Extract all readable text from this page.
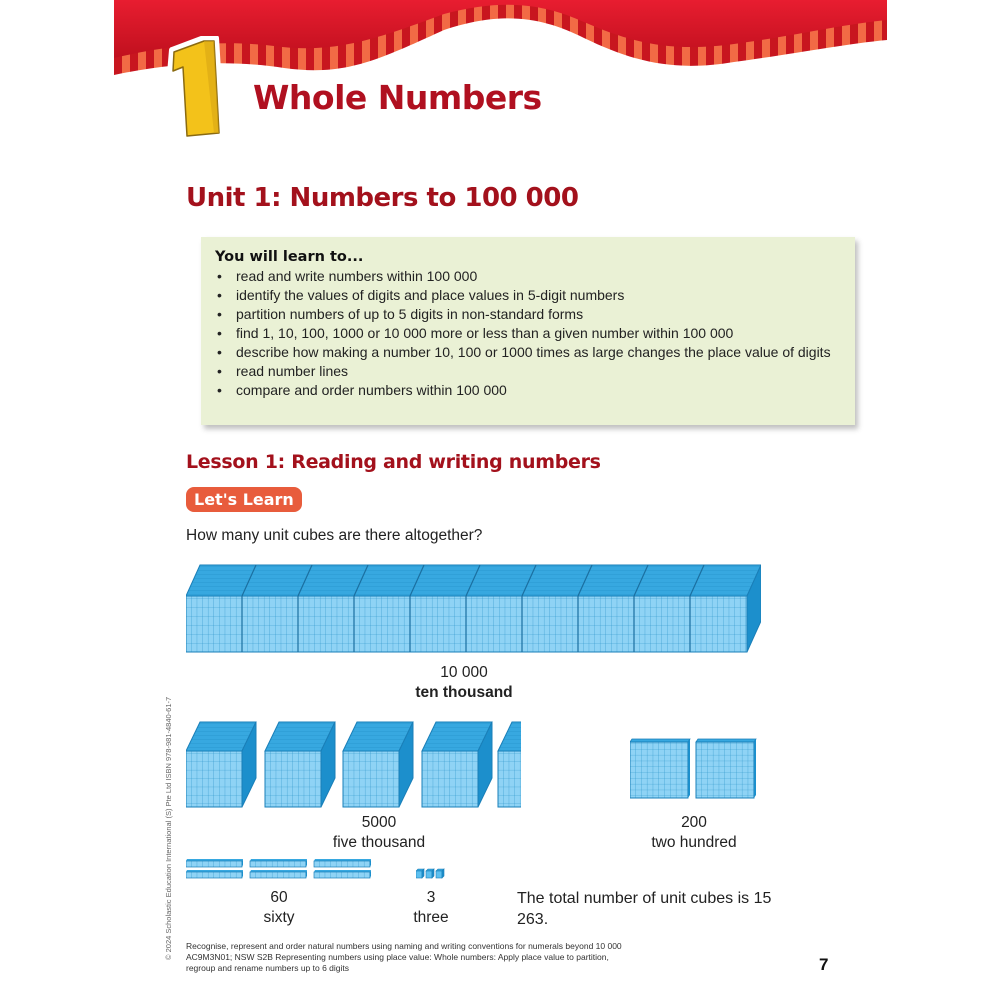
Whole Numbers
Unit 1: Numbers to 100 000
You will learn to...
• read and write numbers within 100 000
• identify the values of digits and place values in 5-digit numbers
• partition numbers of up to 5 digits in non-standard forms
• find 1, 10, 100, 1000 or 10 000 more or less than a given number within 100 000
• describe how making a number 10, 100 or 1000 times as large changes the place value of digits
• read number lines
• compare and order numbers within 100 000
Lesson 1: Reading and writing numbers
Let's Learn
How many unit cubes are there altogether?
10 000
ten thousand
5000
five thousand
200
two hundred
60
sixty
3
three
The total number of unit cubes is 15 263.
Recognise, represent and order natural numbers using naming and writing conventions for numerals beyond 10 000
AC9M3N01; NSW S2B Representing numbers using place value: Whole numbers: Apply place value to partition,
regroup and rename numbers up to 6 digits	7
© 2024 Scholastic Education International (S) Pte Ltd ISBN 978-981-4840-61-7
